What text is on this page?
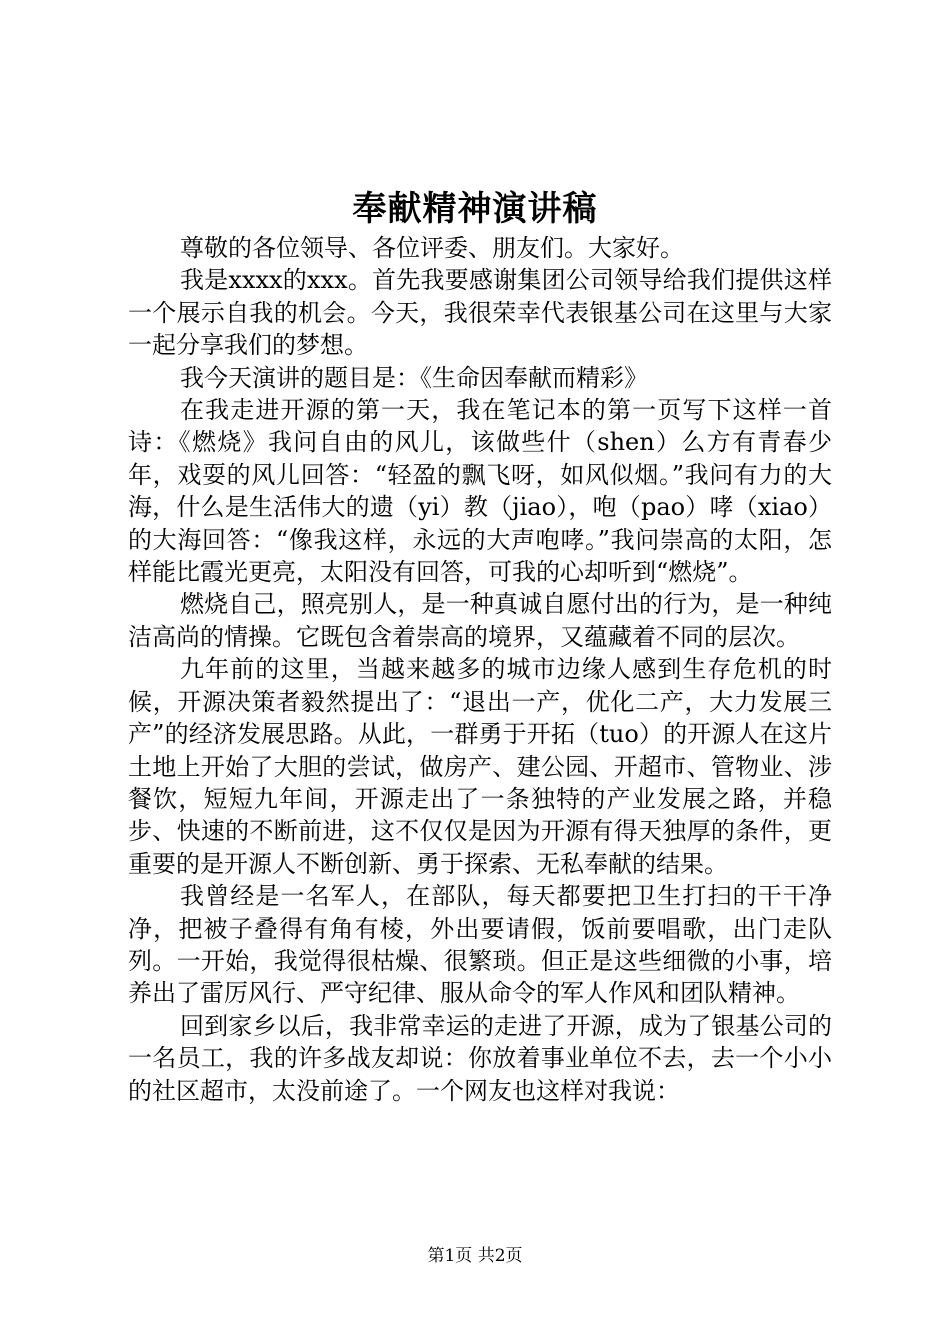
奉献精神演讲稿

尊敬的各位领导、各位评委、朋友们。大家好。

我是xxxx的xxx。首先我要感谢集团公司领导给我们提供这样一个展示自我的机会。今天，我很荣幸代表银基公司在这里与大家一起分享我们的梦想。

我今天演讲的题目是：《生命因奉献而精彩》

在我走进开源的第一天，我在笔记本的第一页写下这样一首诗：《燃烧》我问自由的风儿，该做些什（shen）么方有青春少年，戏耍的风儿回答：“轻盈的飘飞呀，如风似烟。”我问有力的大海，什么是生活伟大的遗（yi）教（jiao），咆（pao）哮（xiao）的大海回答：“像我这样，永远的大声咆哮。”我问崇高的太阳，怎样能比霞光更亮，太阳没有回答，可我的心却听到“燃烧”。

燃烧自己，照亮别人，是一种真诚自愿付出的行为，是一种纯洁高尚的情操。它既包含着崇高的境界，又蕴藏着不同的层次。

九年前的这里，当越来越多的城市边缘人感到生存危机的时候，开源决策者毅然提出了：“退出一产，优化二产，大力发展三产”的经济发展思路。从此，一群勇于开拓（tuo）的开源人在这片土地上开始了大胆的尝试，做房产、建公园、开超市、管物业、涉餐饮，短短九年间，开源走出了一条独特的产业发展之路，并稳步、快速的不断前进，这不仅仅是因为开源有得天独厚的条件，更重要的是开源人不断创新、勇于探索、无私奉献的结果。

我曾经是一名军人，在部队，每天都要把卫生打扫的干干净净，把被子叠得有角有棱，外出要请假，饭前要唱歌，出门走队列。一开始，我觉得很枯燥、很繁琐。但正是这些细微的小事，培养出了雷厉风行、严守纪律、服从命令的军人作风和团队精神。

回到家乡以后，我非常幸运的走进了开源，成为了银基公司的一名员工，我的许多战友却说：你放着事业单位不去，去一个小小的社区超市，太没前途了。一个网友也这样对我说：

第1页 共2页
